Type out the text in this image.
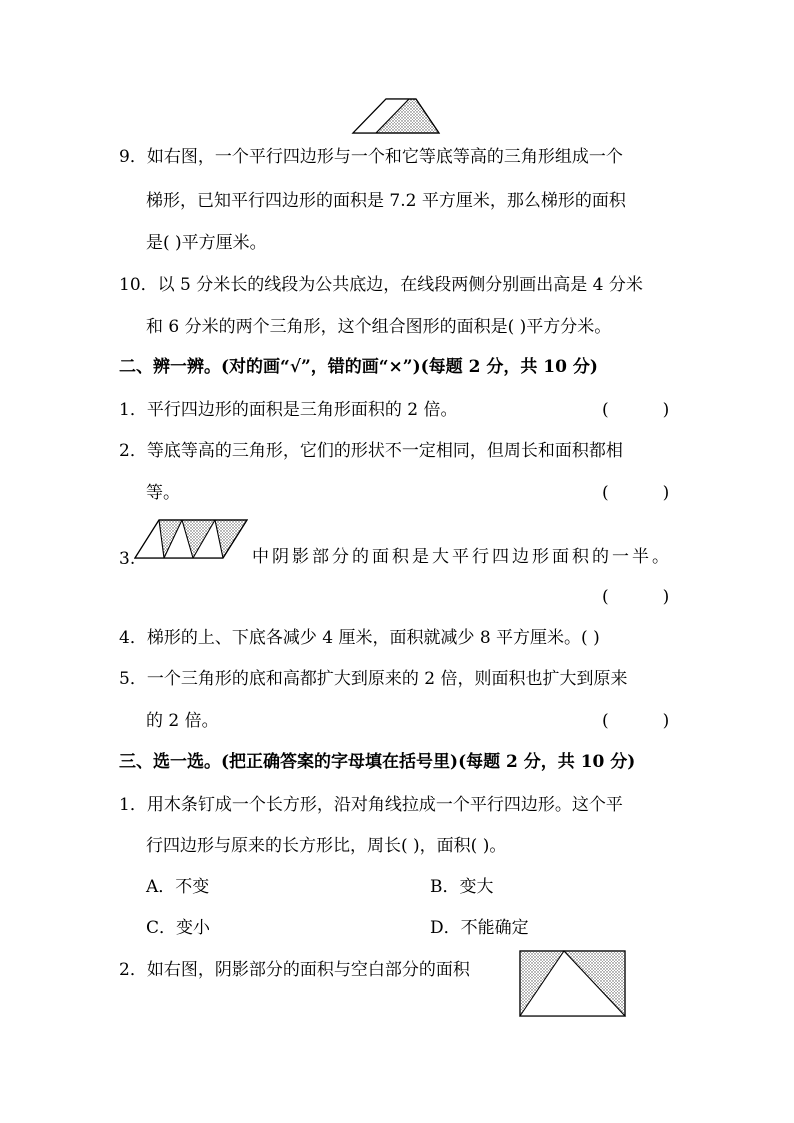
9．如右图，一个平行四边形与一个和它等底等高的三角形组成一个
梯形，已知平行四边形的面积是 7.2 平方厘米，那么梯形的面积
是( )平方厘米。
10．以 5 分米长的线段为公共底边，在线段两侧分别画出高是 4 分米
和 6 分米的两个三角形，这个组合图形的面积是( )平方分米。
二、辨一辨。(对的画“√”，错的画“×”)(每题 2 分，共 10 分)
1．平行四边形的面积是三角形面积的 2 倍。	(          )
2．等底等高的三角形，它们的形状不一定相同，但周长和面积都相
等。	(          )
3.	中阴影部分的面积是大平行四边形面积的一半。
(          )
4．梯形的上、下底各减少 4 厘米，面积就减少 8 平方厘米。( )
5．一个三角形的底和高都扩大到原来的 2 倍，则面积也扩大到原来
的 2 倍。	(          )
三、选一选。(把正确答案的字母填在括号里)(每题 2 分，共 10 分)
1．用木条钉成一个长方形，沿对角线拉成一个平行四边形。这个平
行四边形与原来的长方形比，周长( )，面积( )。
A．不变	B．变大
C．变小	D．不能确定
2．如右图，阴影部分的面积与空白部分的面积
